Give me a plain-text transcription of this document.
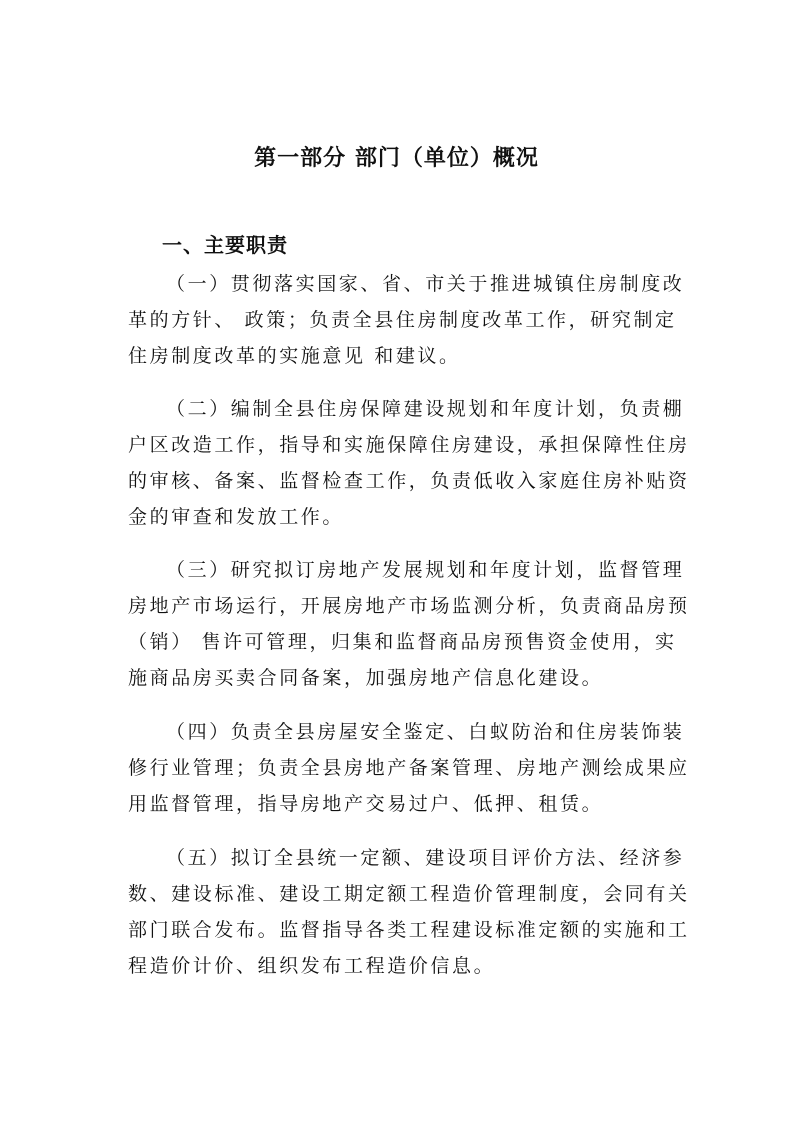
第一部分 部门（单位）概况
一、主要职责
（一）贯彻落实国家、省、市关于推进城镇住房制度改
革的方针、 政策；负责全县住房制度改革工作，研究制定
住房制度改革的实施意见 和建议。
（二）编制全县住房保障建设规划和年度计划，负责棚
户区改造工作，指导和实施保障住房建设，承担保障性住房
的审核、备案、监督检查工作，负责低收入家庭住房补贴资
金的审查和发放工作。
（三）研究拟订房地产发展规划和年度计划，监督管理
房地产市场运行，开展房地产市场监测分析，负责商品房预
（销） 售许可管理，归集和监督商品房预售资金使用，实
施商品房买卖合同备案，加强房地产信息化建设。
（四）负责全县房屋安全鉴定、白蚁防治和住房装饰装
修行业管理；负责全县房地产备案管理、房地产测绘成果应
用监督管理，指导房地产交易过户、低押、租赁。
（五）拟订全县统一定额、建设项目评价方法、经济参
数、建设标准、建设工期定额工程造价管理制度，会同有关
部门联合发布。监督指导各类工程建设标准定额的实施和工
程造价计价、组织发布工程造价信息。
